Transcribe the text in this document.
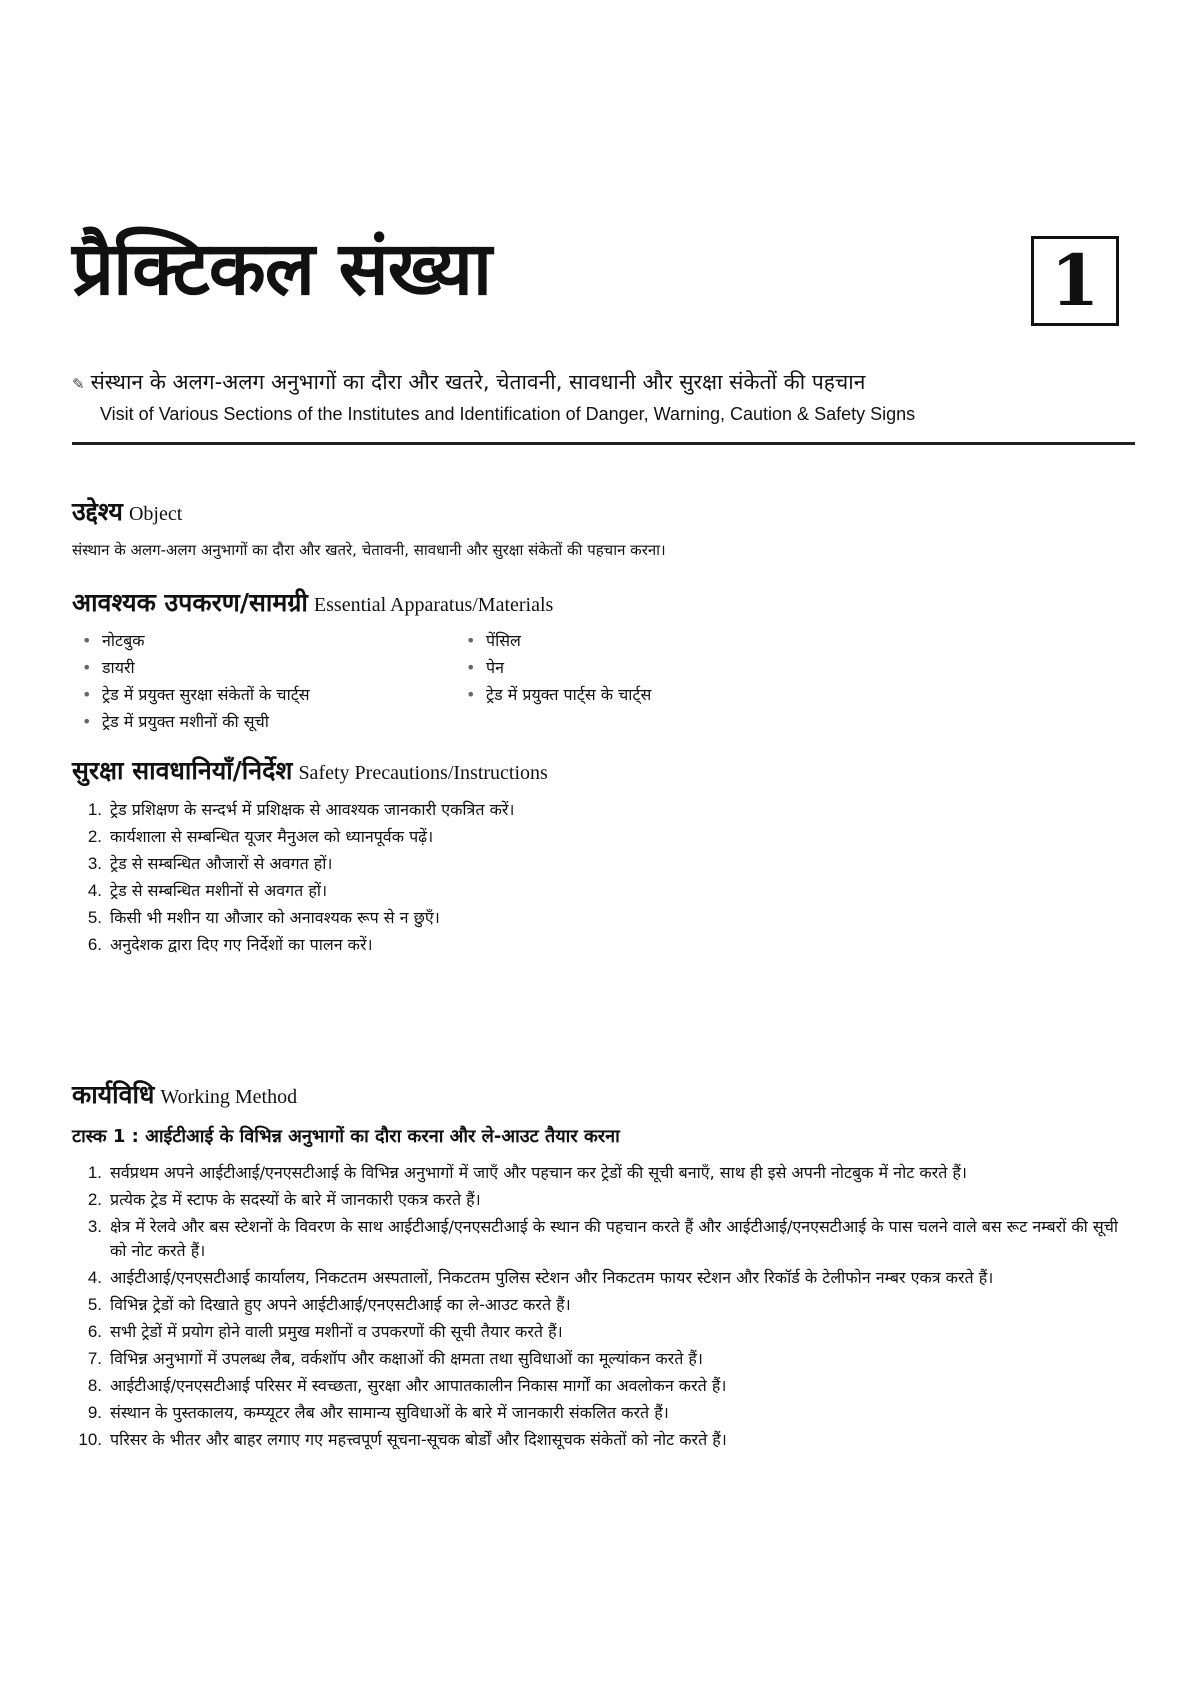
प्रैक्टिकल संख्या	1
✎ संस्थान के अलग-अलग अनुभागों का दौरा और खतरे, चेतावनी, सावधानी और सुरक्षा संकेतों की पहचान
Visit of Various Sections of the Institutes and Identification of Danger, Warning, Caution & Safety Signs
उद्देश्य Object
संस्थान के अलग-अलग अनुभागों का दौरा और खतरे, चेतावनी, सावधानी और सुरक्षा संकेतों की पहचान करना।
आवश्यक उपकरण/सामग्री Essential Apparatus/Materials
• नोटबुक
• डायरी
• ट्रेड में प्रयुक्त सुरक्षा संकेतों के चार्ट्स
• ट्रेड में प्रयुक्त मशीनों की सूची
• पेंसिल
• पेन
• ट्रेड में प्रयुक्त पार्ट्स के चार्ट्स
सुरक्षा सावधानियाँ/निर्देश Safety Precautions/Instructions
1. ट्रेड प्रशिक्षण के सन्दर्भ में प्रशिक्षक से आवश्यक जानकारी एकत्रित करें।
2. कार्यशाला से सम्बन्धित यूजर मैनुअल को ध्यानपूर्वक पढ़ें।
3. ट्रेड से सम्बन्धित औजारों से अवगत हों।
4. ट्रेड से सम्बन्धित मशीनों से अवगत हों।
5. किसी भी मशीन या औजार को अनावश्यक रूप से न छुएँ।
6. अनुदेशक द्वारा दिए गए निर्देशों का पालन करें।
कार्यविधि Working Method
टास्क 1 : आईटीआई के विभिन्न अनुभागों का दौरा करना और ले-आउट तैयार करना
1. सर्वप्रथम अपने आईटीआई/एनएसटीआई के विभिन्न अनुभागों में जाएँ और पहचान कर ट्रेडों की सूची बनाएँ, साथ ही इसे अपनी नोटबुक में नोट करते हैं।
2. प्रत्येक ट्रेड में स्टाफ के सदस्यों के बारे में जानकारी एकत्र करते हैं।
3. क्षेत्र में रेलवे और बस स्टेशनों के विवरण के साथ आईटीआई/एनएसटीआई के स्थान की पहचान करते हैं और आईटीआई/एनएसटीआई के पास चलने वाले बस रूट नम्बरों की सूची को नोट करते हैं।
4. आईटीआई/एनएसटीआई कार्यालय, निकटतम अस्पतालों, निकटतम पुलिस स्टेशन और निकटतम फायर स्टेशन और रिकॉर्ड के टेलीफोन नम्बर एकत्र करते हैं।
5. विभिन्न ट्रेडों को दिखाते हुए अपने आईटीआई/एनएसटीआई का ले-आउट करते हैं।
6. सभी ट्रेडों में प्रयोग होने वाली प्रमुख मशीनों व उपकरणों की सूची तैयार करते हैं।
7. विभिन्न अनुभागों में उपलब्ध लैब, वर्कशॉप और कक्षाओं की क्षमता तथा सुविधाओं का मूल्यांकन करते हैं।
8. आईटीआई/एनएसटीआई परिसर में स्वच्छता, सुरक्षा और आपातकालीन निकास मार्गों का अवलोकन करते हैं।
9. संस्थान के पुस्तकालय, कम्प्यूटर लैब और सामान्य सुविधाओं के बारे में जानकारी संकलित करते हैं।
10. परिसर के भीतर और बाहर लगाए गए महत्त्वपूर्ण सूचना-सूचक बोर्डों और दिशासूचक संकेतों को नोट करते हैं।
